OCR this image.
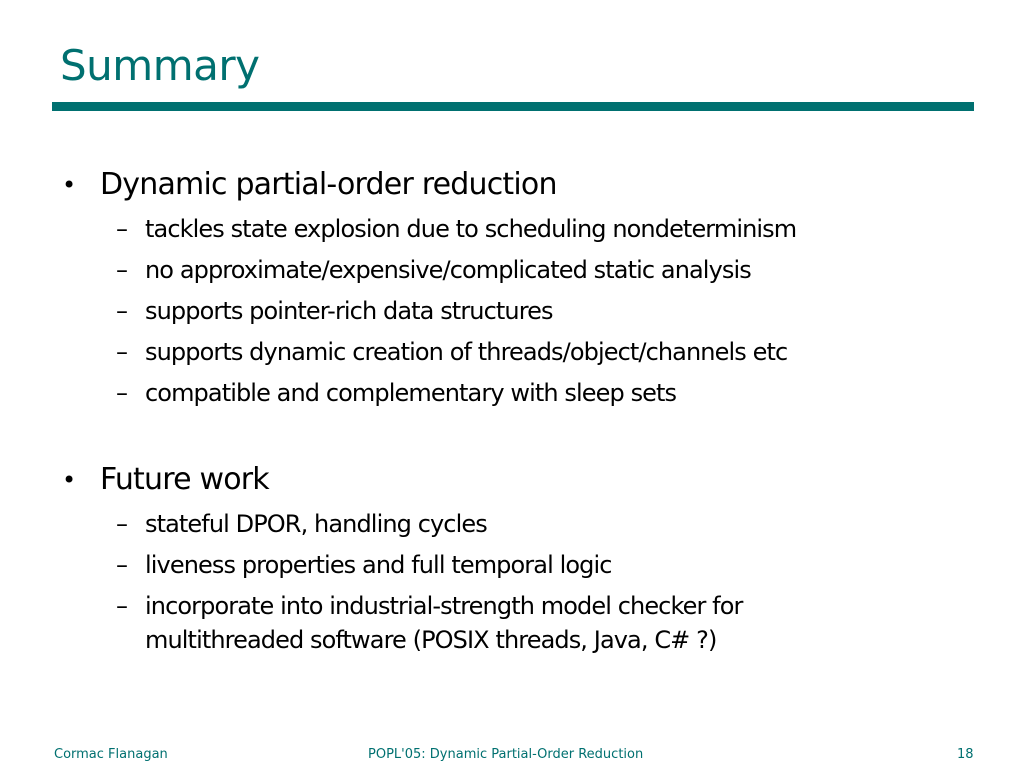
Summary
• Dynamic partial-order reduction
– tackles state explosion due to scheduling nondeterminism
– no approximate/expensive/complicated static analysis
– supports pointer-rich data structures
– supports dynamic creation of threads/object/channels etc
– compatible and complementary with sleep sets
• Future work
– stateful DPOR, handling cycles
– liveness properties and full temporal logic
– incorporate into industrial-strength model checker for
multithreaded software (POSIX threads, Java, C# ?)
Cormac Flanagan	POPL'05: Dynamic Partial-Order Reduction	18
